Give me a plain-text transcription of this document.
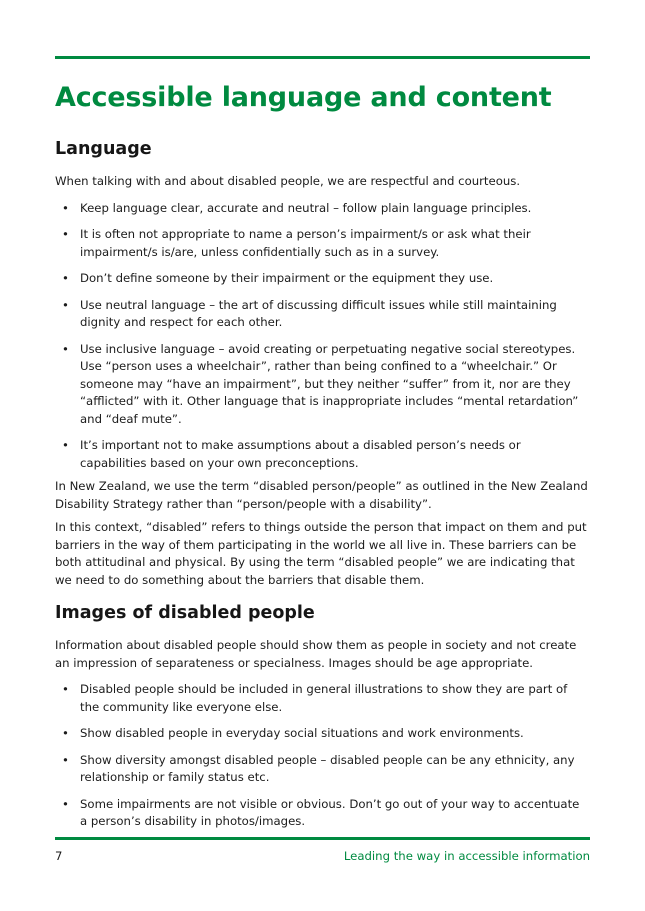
Accessible language and content
Language

When talking with and about disabled people, we are respectful and courteous.

• Keep language clear, accurate and neutral – follow plain language principles.
• It is often not appropriate to name a person’s impairment/s or ask what their impairment/s is/are, unless confidentially such as in a survey.
• Don’t define someone by their impairment or the equipment they use.
• Use neutral language – the art of discussing difficult issues while still maintaining dignity and respect for each other.
• Use inclusive language – avoid creating or perpetuating negative social stereotypes. Use “person uses a wheelchair”, rather than being confined to a “wheelchair.” Or someone may “have an impairment”, but they neither “suffer” from it, nor are they “afflicted” with it. Other language that is inappropriate includes “mental retardation” and “deaf mute”.
• It’s important not to make assumptions about a disabled person’s needs or capabilities based on your own preconceptions.

In New Zealand, we use the term “disabled person/people” as outlined in the New Zealand Disability Strategy rather than “person/people with a disability”.

In this context, “disabled” refers to things outside the person that impact on them and put barriers in the way of them participating in the world we all live in. These barriers can be both attitudinal and physical. By using the term “disabled people” we are indicating that we need to do something about the barriers that disable them.

Images of disabled people

Information about disabled people should show them as people in society and not create an impression of separateness or specialness. Images should be age appropriate.

• Disabled people should be included in general illustrations to show they are part of the community like everyone else.
• Show disabled people in everyday social situations and work environments.
• Show diversity amongst disabled people – disabled people can be any ethnicity, any relationship or family status etc.
• Some impairments are not visible or obvious. Don’t go out of your way to accentuate a person’s disability in photos/images.
7	Leading the way in accessible information
